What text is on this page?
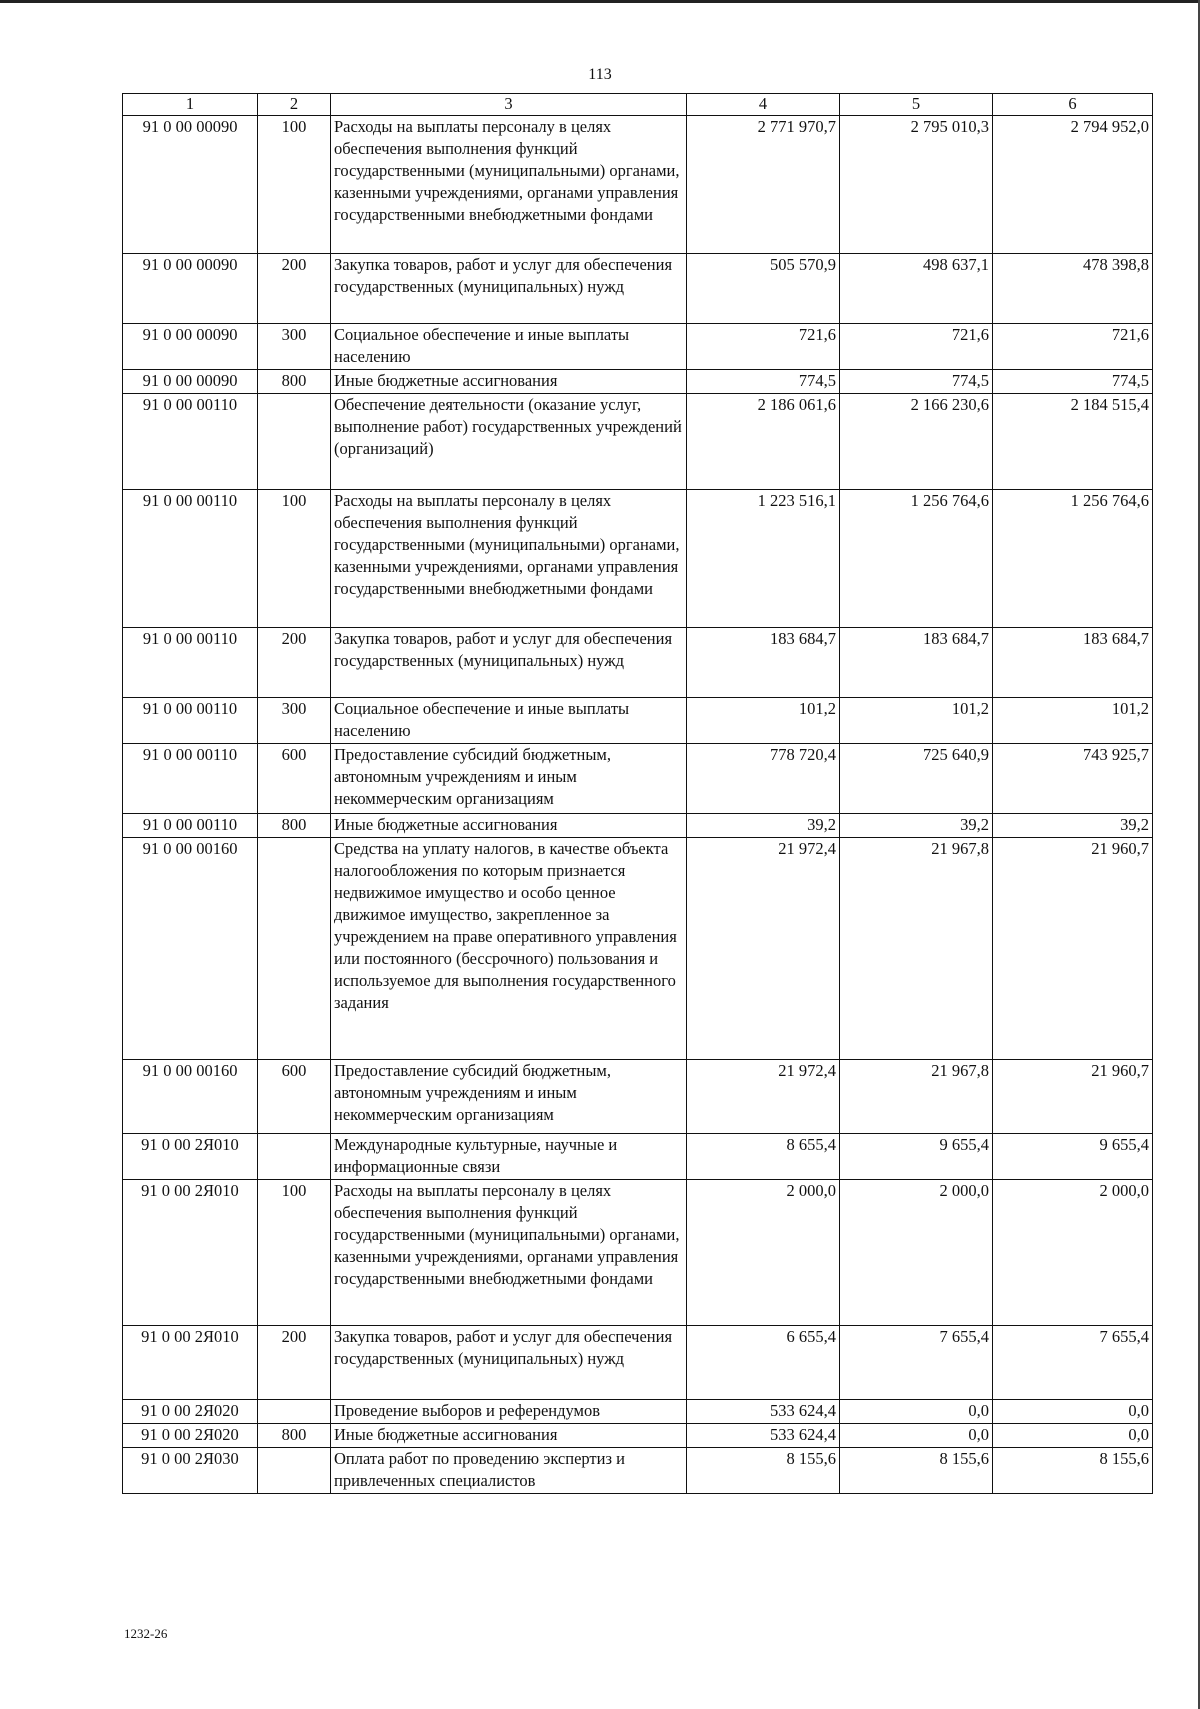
113
1	2	3	4	5	6
91 0 00 00090	100	Расходы на выплаты персоналу в целях обеспечения выполнения функций государственными (муниципальными) органами, казенными учреждениями, органами управления государственными внебюджетными фондами	2 771 970,7	2 795 010,3	2 794 952,0
91 0 00 00090	200	Закупка товаров, работ и услуг для обеспечения государственных (муниципальных) нужд	505 570,9	498 637,1	478 398,8
91 0 00 00090	300	Социальное обеспечение и иные выплаты населению	721,6	721,6	721,6
91 0 00 00090	800	Иные бюджетные ассигнования	774,5	774,5	774,5
91 0 00 00110		Обеспечение деятельности (оказание услуг, выполнение работ) государственных учреждений (организаций)	2 186 061,6	2 166 230,6	2 184 515,4
91 0 00 00110	100	Расходы на выплаты персоналу в целях обеспечения выполнения функций государственными (муниципальными) органами, казенными учреждениями, органами управления государственными внебюджетными фондами	1 223 516,1	1 256 764,6	1 256 764,6
91 0 00 00110	200	Закупка товаров, работ и услуг для обеспечения государственных (муниципальных) нужд	183 684,7	183 684,7	183 684,7
91 0 00 00110	300	Социальное обеспечение и иные выплаты населению	101,2	101,2	101,2
91 0 00 00110	600	Предоставление субсидий бюджетным, автономным учреждениям и иным некоммерческим организациям	778 720,4	725 640,9	743 925,7
91 0 00 00110	800	Иные бюджетные ассигнования	39,2	39,2	39,2
91 0 00 00160		Средства на уплату налогов, в качестве объекта налогообложения по которым признается недвижимое имущество и особо ценное движимое имущество, закрепленное за учреждением на праве оперативного управления или постоянного (бессрочного) пользования и используемое для выполнения государственного задания	21 972,4	21 967,8	21 960,7
91 0 00 00160	600	Предоставление субсидий бюджетным, автономным учреждениям и иным некоммерческим организациям	21 972,4	21 967,8	21 960,7
91 0 00 2Я010		Международные культурные, научные и информационные связи	8 655,4	9 655,4	9 655,4
91 0 00 2Я010	100	Расходы на выплаты персоналу в целях обеспечения выполнения функций государственными (муниципальными) органами, казенными учреждениями, органами управления государственными внебюджетными фондами	2 000,0	2 000,0	2 000,0
91 0 00 2Я010	200	Закупка товаров, работ и услуг для обеспечения государственных (муниципальных) нужд	6 655,4	7 655,4	7 655,4
91 0 00 2Я020		Проведение выборов и референдумов	533 624,4	0,0	0,0
91 0 00 2Я020	800	Иные бюджетные ассигнования	533 624,4	0,0	0,0
91 0 00 2Я030		Оплата работ по проведению экспертиз и привлеченных специалистов	8 155,6	8 155,6	8 155,6
1232-26
